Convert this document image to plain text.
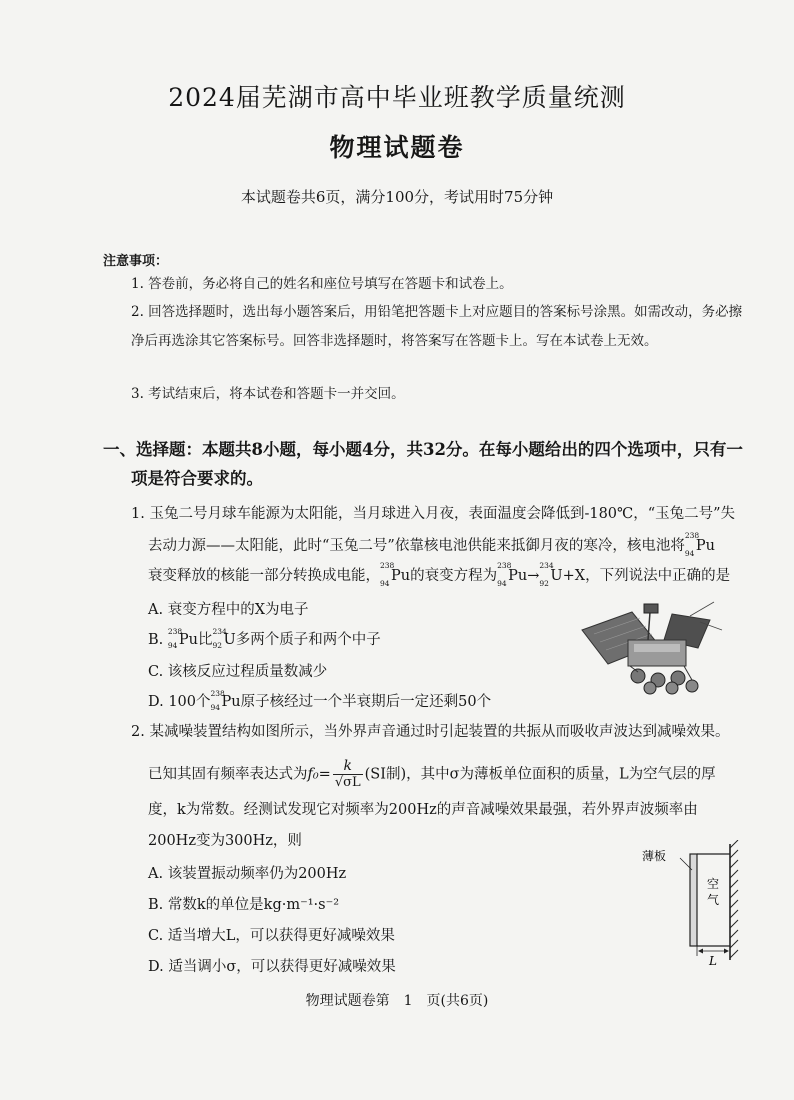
2024届芜湖市高中毕业班教学质量统测
物理试题卷
本试题卷共6页，满分100分，考试用时75分钟
注意事项：
1. 答卷前，务必将自己的姓名和座位号填写在答题卡和试卷上。
2. 回答选择题时，选出每小题答案后，用铅笔把答题卡上对应题目的答案标号涂黑。如需改动，务必擦净后再选涂其它答案标号。回答非选择题时，将答案写在答题卡上。写在本试卷上无效。
3. 考试结束后，将本试卷和答题卡一并交回。
一、选择题：本题共8小题，每小题4分，共32分。在每小题给出的四个选项中，只有一
项是符合要求的。
1. 玉兔二号月球车能源为太阳能，当月球进入月夜，表面温度会降低到-180℃，“玉兔二号”失
去动力源——太阳能，此时“玉兔二号”依靠核电池供能来抵御月夜的寒冷，核电池将
238
94 Pu
衰变释放的核能一部分转换成电能，
238
94 Pu的衰变方程为
238
94 Pu→
234
92 U+X，下列说法中正确的是
A. 衰变方程中的X为电子
B.
238
94 Pu比
234
92 U多两个质子和两个中子
C. 该核反应过程质量数减少
D. 100个
238
94 Pu原子核经过一个半衰期后一定还剩50个
2. 某减噪装置结构如图所示，当外界声音通过时引起装置的共振从而吸收声波达到减噪效果。
已知其固有频率表达式为$f_0= \frac{k}{√\sigma L} (SI$制)，其中σ为薄板单位面积的质量，L为空气层的厚
度，k为常数。经测试发现它对频率为200Hz的声音减噪效果最强，若外界声波频率由
200Hz变为300Hz，则
A. 该装置振动频率仍为200Hz
B. 常数k的单位是kg·m⁻¹·s⁻²
C. 适当增大L，可以获得更好减噪效果
D. 适当调小σ，可以获得更好减噪效果
薄板
空
气
L
物理试题卷第　1　页(共6页)
